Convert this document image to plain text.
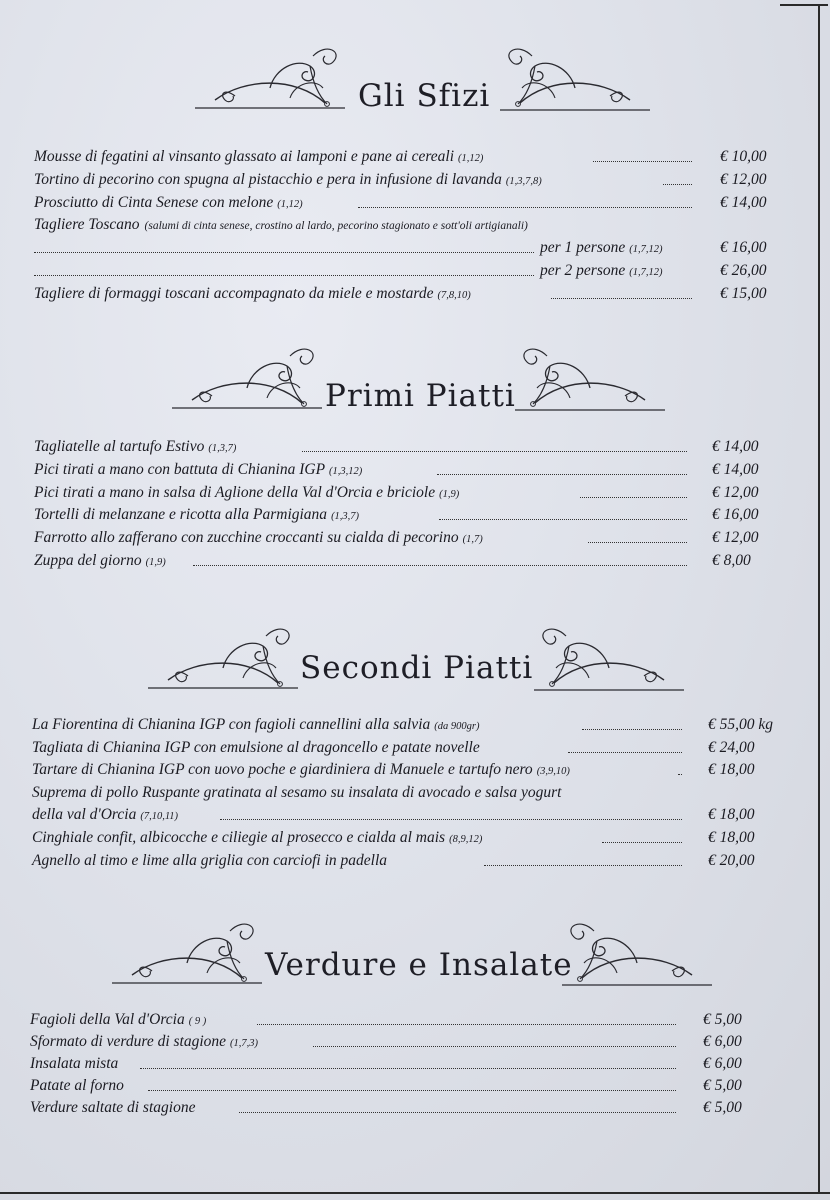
Gli Sfizi
Mousse di fegatini al vinsanto glassato ai lamponi e pane ai cereali (1,12)	€ 10,00
Tortino di pecorino con spugna al pistacchio e pera in infusione di lavanda (1,3,7,8)	€ 12,00
Prosciutto di Cinta Senese con melone (1,12)	€ 14,00
Tagliere Toscano (salumi di cinta senese, crostino al lardo, pecorino stagionato e sott'oli artigianali)
per 1 persone (1,7,12)	€ 16,00
per 2 persone (1,7,12)	€ 26,00
Tagliere di formaggi toscani accompagnato da miele e mostarde (7,8,10)	€ 15,00
Primi Piatti
Tagliatelle al tartufo Estivo (1,3,7)	€ 14,00
Pici tirati a mano con battuta di Chianina IGP (1,3,12)	€ 14,00
Pici tirati a mano in salsa di Aglione della Val d'Orcia e briciole (1,9)	€ 12,00
Tortelli di melanzane e ricotta alla Parmigiana (1,3,7)	€ 16,00
Farrotto allo zafferano con zucchine croccanti su cialda di pecorino (1,7)	€ 12,00
Zuppa del giorno (1,9)	€ 8,00
Secondi Piatti
La Fiorentina di Chianina IGP con fagioli cannellini alla salvia (da 900gr)	€ 55,00 kg
Tagliata di Chianina IGP con emulsione al dragoncello e patate novelle	€ 24,00
Tartare di Chianina IGP con uovo poche e giardiniera di Manuele e tartufo nero (3,9,10)	€ 18,00
Suprema di pollo Ruspante gratinata al sesamo su insalata di avocado e salsa yogurt
della val d'Orcia (7,10,11)	€ 18,00
Cinghiale confit, albicocche e ciliegie al prosecco e cialda al mais (8,9,12)	€ 18,00
Agnello al timo e lime alla griglia con carciofi in padella	€ 20,00
Verdure e Insalate
Fagioli della Val d'Orcia ( 9 )	€ 5,00
Sformato di verdure di stagione (1,7,3)	€ 6,00
Insalata mista	€ 6,00
Patate al forno	€ 5,00
Verdure saltate di stagione	€ 5,00
